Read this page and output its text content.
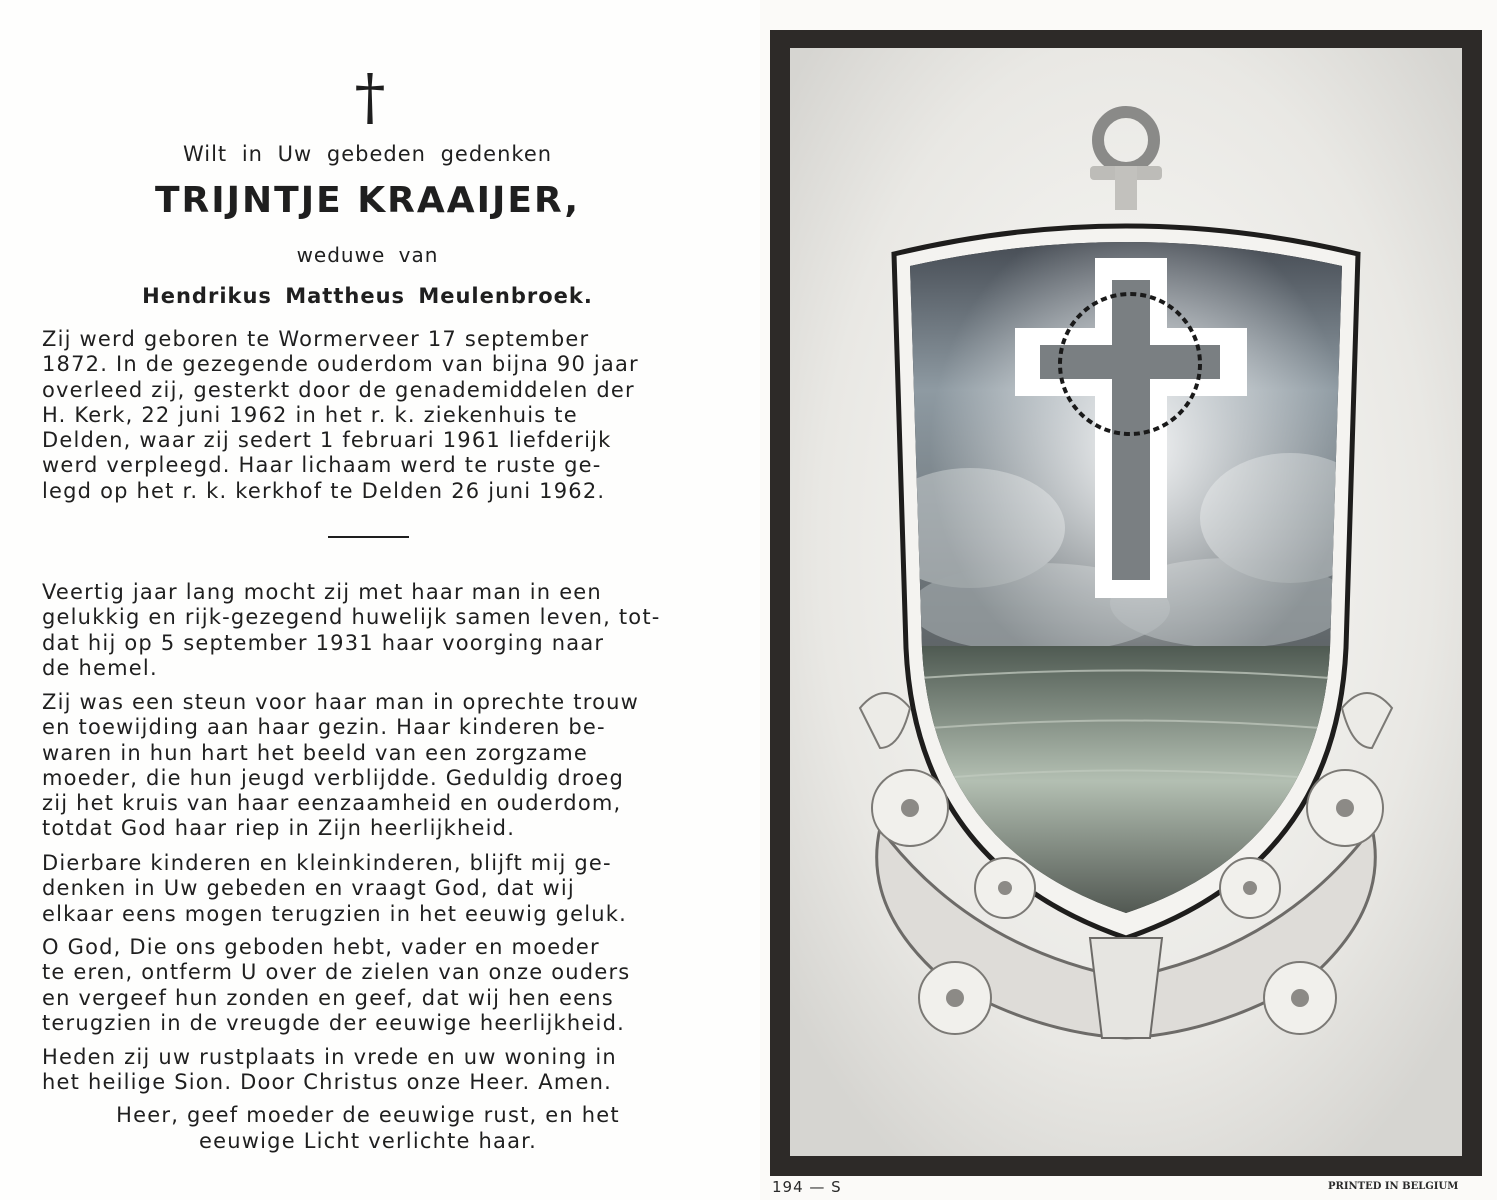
†
Wilt in Uw gebeden gedenken
TRIJNTJE KRAAIJER,
weduwe van
Hendrikus Mattheus Meulenbroek.
Zij werd geboren te Wormerveer 17 september
1872. In de gezegende ouderdom van bijna 90 jaar
overleed zij, gesterkt door de genademiddelen der
H. Kerk, 22 juni 1962 in het r. k. ziekenhuis te
Delden, waar zij sedert 1 februari 1961 liefderijk
werd verpleegd. Haar lichaam werd te ruste ge-
legd op het r. k. kerkhof te Delden 26 juni 1962.
Veertig jaar lang mocht zij met haar man in een
gelukkig en rijk-gezegend huwelijk samen leven, tot-
dat hij op 5 september 1931 haar voorging naar
de hemel.
Zij was een steun voor haar man in oprechte trouw
en toewijding aan haar gezin. Haar kinderen be-
waren in hun hart het beeld van een zorgzame
moeder, die hun jeugd verblijdde. Geduldig droeg
zij het kruis van haar eenzaamheid en ouderdom,
totdat God haar riep in Zijn heerlijkheid.
Dierbare kinderen en kleinkinderen, blijft mij ge-
denken in Uw gebeden en vraagt God, dat wij
elkaar eens mogen terugzien in het eeuwig geluk.
O God, Die ons geboden hebt, vader en moeder
te eren, ontferm U over de zielen van onze ouders
en vergeef hun zonden en geef, dat wij hen eens
terugzien in de vreugde der eeuwige heerlijkheid.
Heden zij uw rustplaats in vrede en uw woning in
het heilige Sion. Door Christus onze Heer. Amen.
Heer, geef moeder de eeuwige rust, en het
eeuwige Licht verlichte haar.
194 — S	PRINTED IN BELGIUM
